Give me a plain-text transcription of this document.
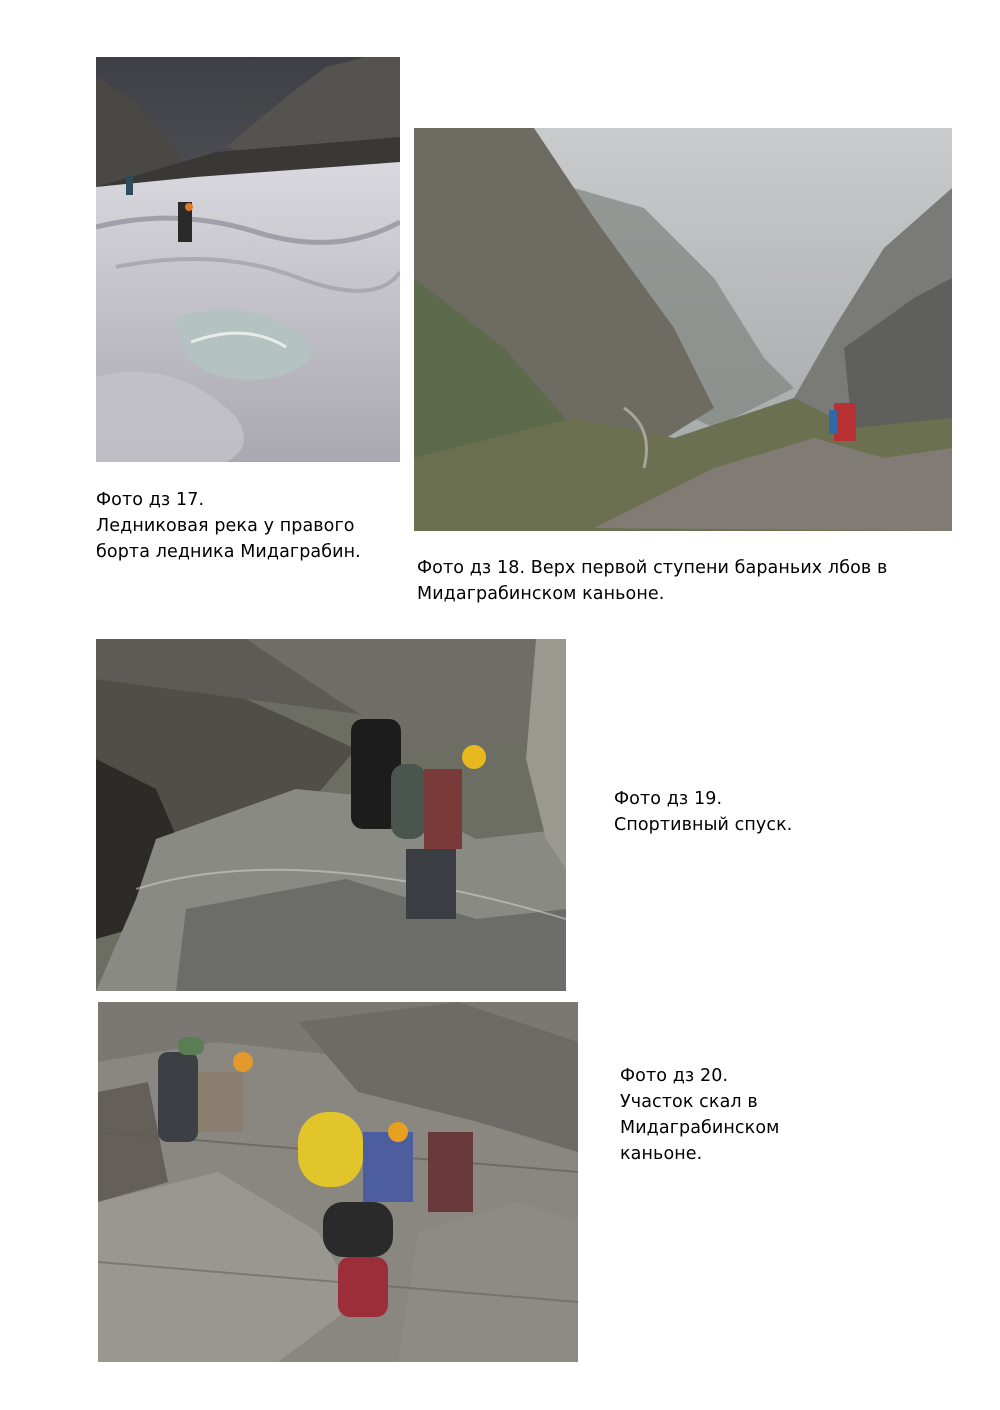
Фото дз 17.
Ледниковая река у правого
борта ледника Мидаграбин.
Фото дз 18. Верх первой ступени бараньих лбов в
Мидаграбинском каньоне.
Фото дз 19.
Спортивный спуск.
Фото дз 20.
Участок скал в
Мидаграбинском
каньоне.
